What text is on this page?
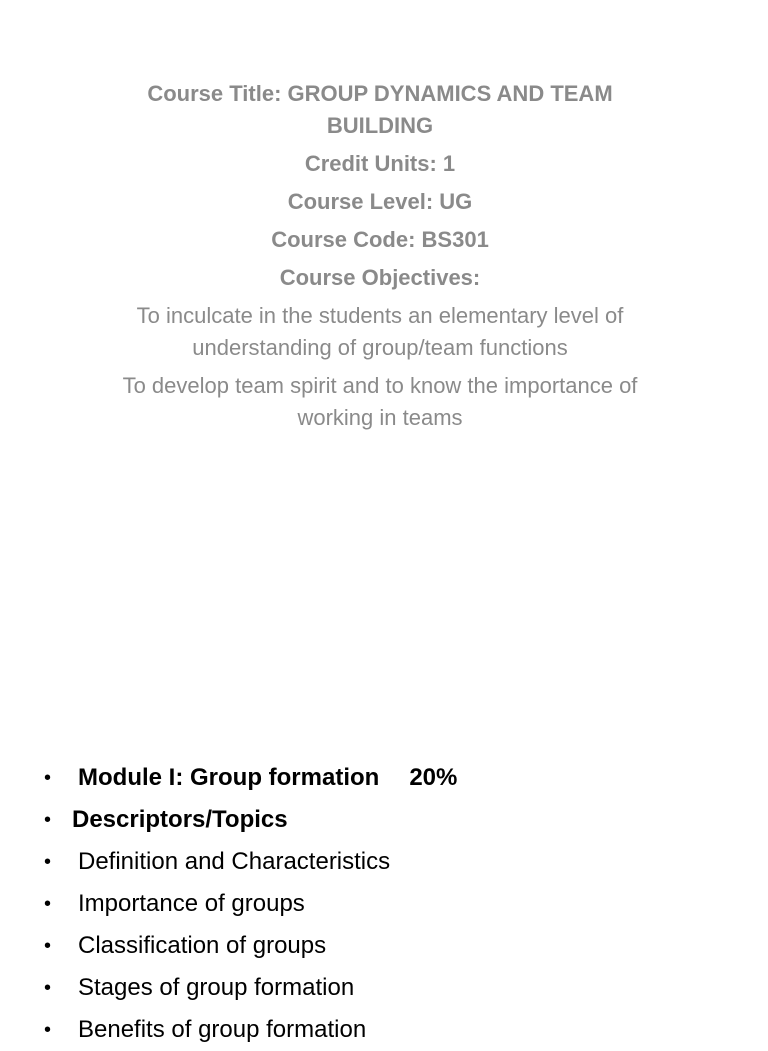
Course Title: GROUP DYNAMICS AND TEAM BUILDING
Credit Units: 1
Course Level: UG
Course Code: BS301
Course Objectives:
To inculcate in the students an elementary level of understanding of group/team functions
To develop team spirit and to know the importance of working in teams
• Module I: Group formation 20%
• Descriptors/Topics
• Definition and Characteristics
• Importance of groups
• Classification of groups
• Stages of group formation
• Benefits of group formation
